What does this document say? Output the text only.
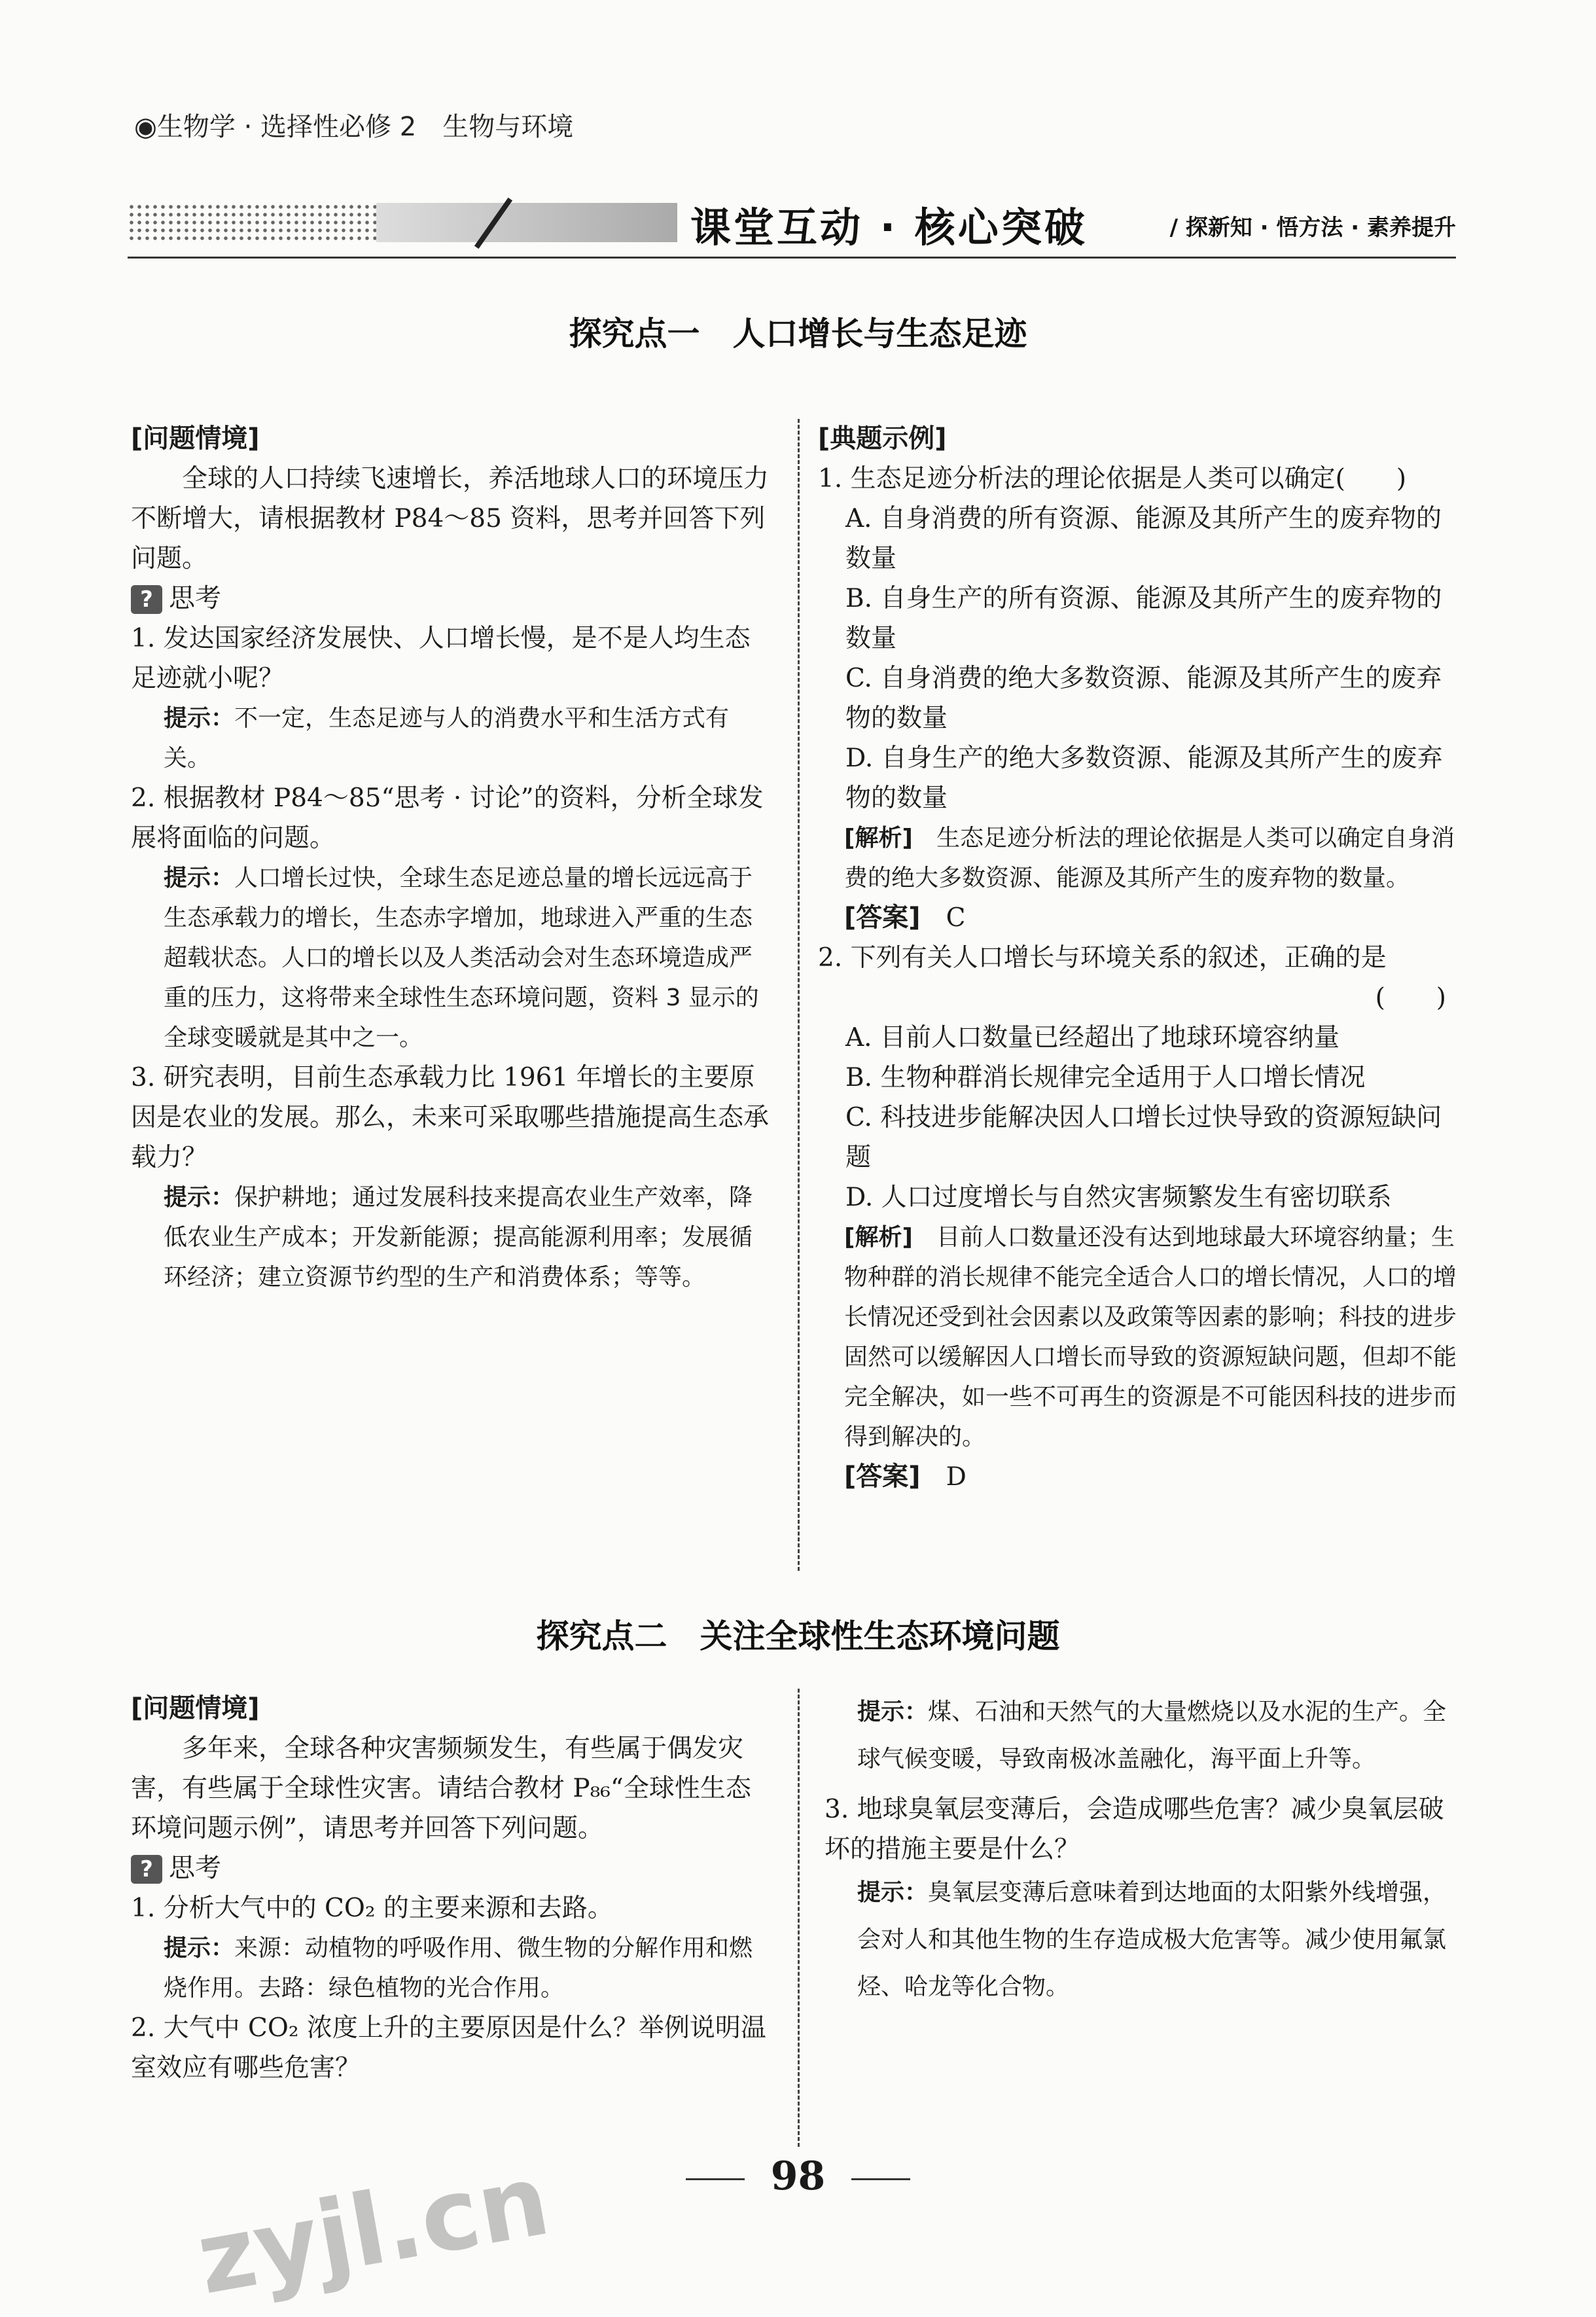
◉生物学 · 选择性必修 2　生物与环境
课堂互动 · 核心突破	/ 探新知 · 悟方法 · 素养提升
探究点一　人口增长与生态足迹

[问题情境]

全球的人口持续飞速增长，养活地球人口的环境压力不断增大，请根据教材 P84～85 资料，思考并回答下列问题。

? 思考

1. 发达国家经济发展快、人口增长慢，是不是人均生态足迹就小呢？

提示：不一定，生态足迹与人的消费水平和生活方式有关。

2. 根据教材 P84～85“思考 · 讨论”的资料，分析全球发展将面临的问题。

提示：人口增长过快，全球生态足迹总量的增长远远高于生态承载力的增长，生态赤字增加，地球进入严重的生态超载状态。人口的增长以及人类活动会对生态环境造成严重的压力，这将带来全球性生态环境问题，资料 3 显示的全球变暖就是其中之一。

3. 研究表明，目前生态承载力比 1961 年增长的主要原因是农业的发展。那么，未来可采取哪些措施提高生态承载力？

提示：保护耕地；通过发展科技来提高农业生产效率，降低农业生产成本；开发新能源；提高能源利用率；发展循环经济；建立资源节约型的生产和消费体系；等等。

[典题示例]

1. 生态足迹分析法的理论依据是人类可以确定(　　)

A. 自身消费的所有资源、能源及其所产生的废弃物的数量

B. 自身生产的所有资源、能源及其所产生的废弃物的数量

C. 自身消费的绝大多数资源、能源及其所产生的废弃物的数量

D. 自身生产的绝大多数资源、能源及其所产生的废弃物的数量

[解析]　 生态足迹分析法的理论依据是人类可以确定自身消费的绝大多数资源、能源及其所产生的废弃物的数量。

[答案]　 C

2. 下列有关人口增长与环境关系的叙述，正确的是

(　　)

A. 目前人口数量已经超出了地球环境容纳量

B. 生物种群消长规律完全适用于人口增长情况

C. 科技进步能解决因人口增长过快导致的资源短缺问题

D. 人口过度增长与自然灾害频繁发生有密切联系

[解析]　 目前人口数量还没有达到地球最大环境容纳量；生物种群的消长规律不能完全适合人口的增长情况，人口的增长情况还受到社会因素以及政策等因素的影响；科技的进步固然可以缓解因人口增长而导致的资源短缺问题，但却不能完全解决，如一些不可再生的资源是不可能因科技的进步而得到解决的。

[答案]　 D

探究点二　关注全球性生态环境问题

[问题情境]

多年来，全球各种灾害频频发生，有些属于偶发灾害，有些属于全球性灾害。请结合教材 P₈₆“全球性生态环境问题示例”，请思考并回答下列问题。

? 思考

1. 分析大气中的 CO₂ 的主要来源和去路。

提示：来源：动植物的呼吸作用、微生物的分解作用和燃烧作用。去路：绿色植物的光合作用。

2. 大气中 CO₂ 浓度上升的主要原因是什么？举例说明温室效应有哪些危害？

提示：煤、石油和天然气的大量燃烧以及水泥的生产。全球气候变暖，导致南极冰盖融化，海平面上升等。

3. 地球臭氧层变薄后，会造成哪些危害？减少臭氧层破坏的措施主要是什么？

提示：臭氧层变薄后意味着到达地面的太阳紫外线增强，会对人和其他生物的生存造成极大危害等。减少使用氟氯烃、哈龙等化合物。

98
zyjl.cn
